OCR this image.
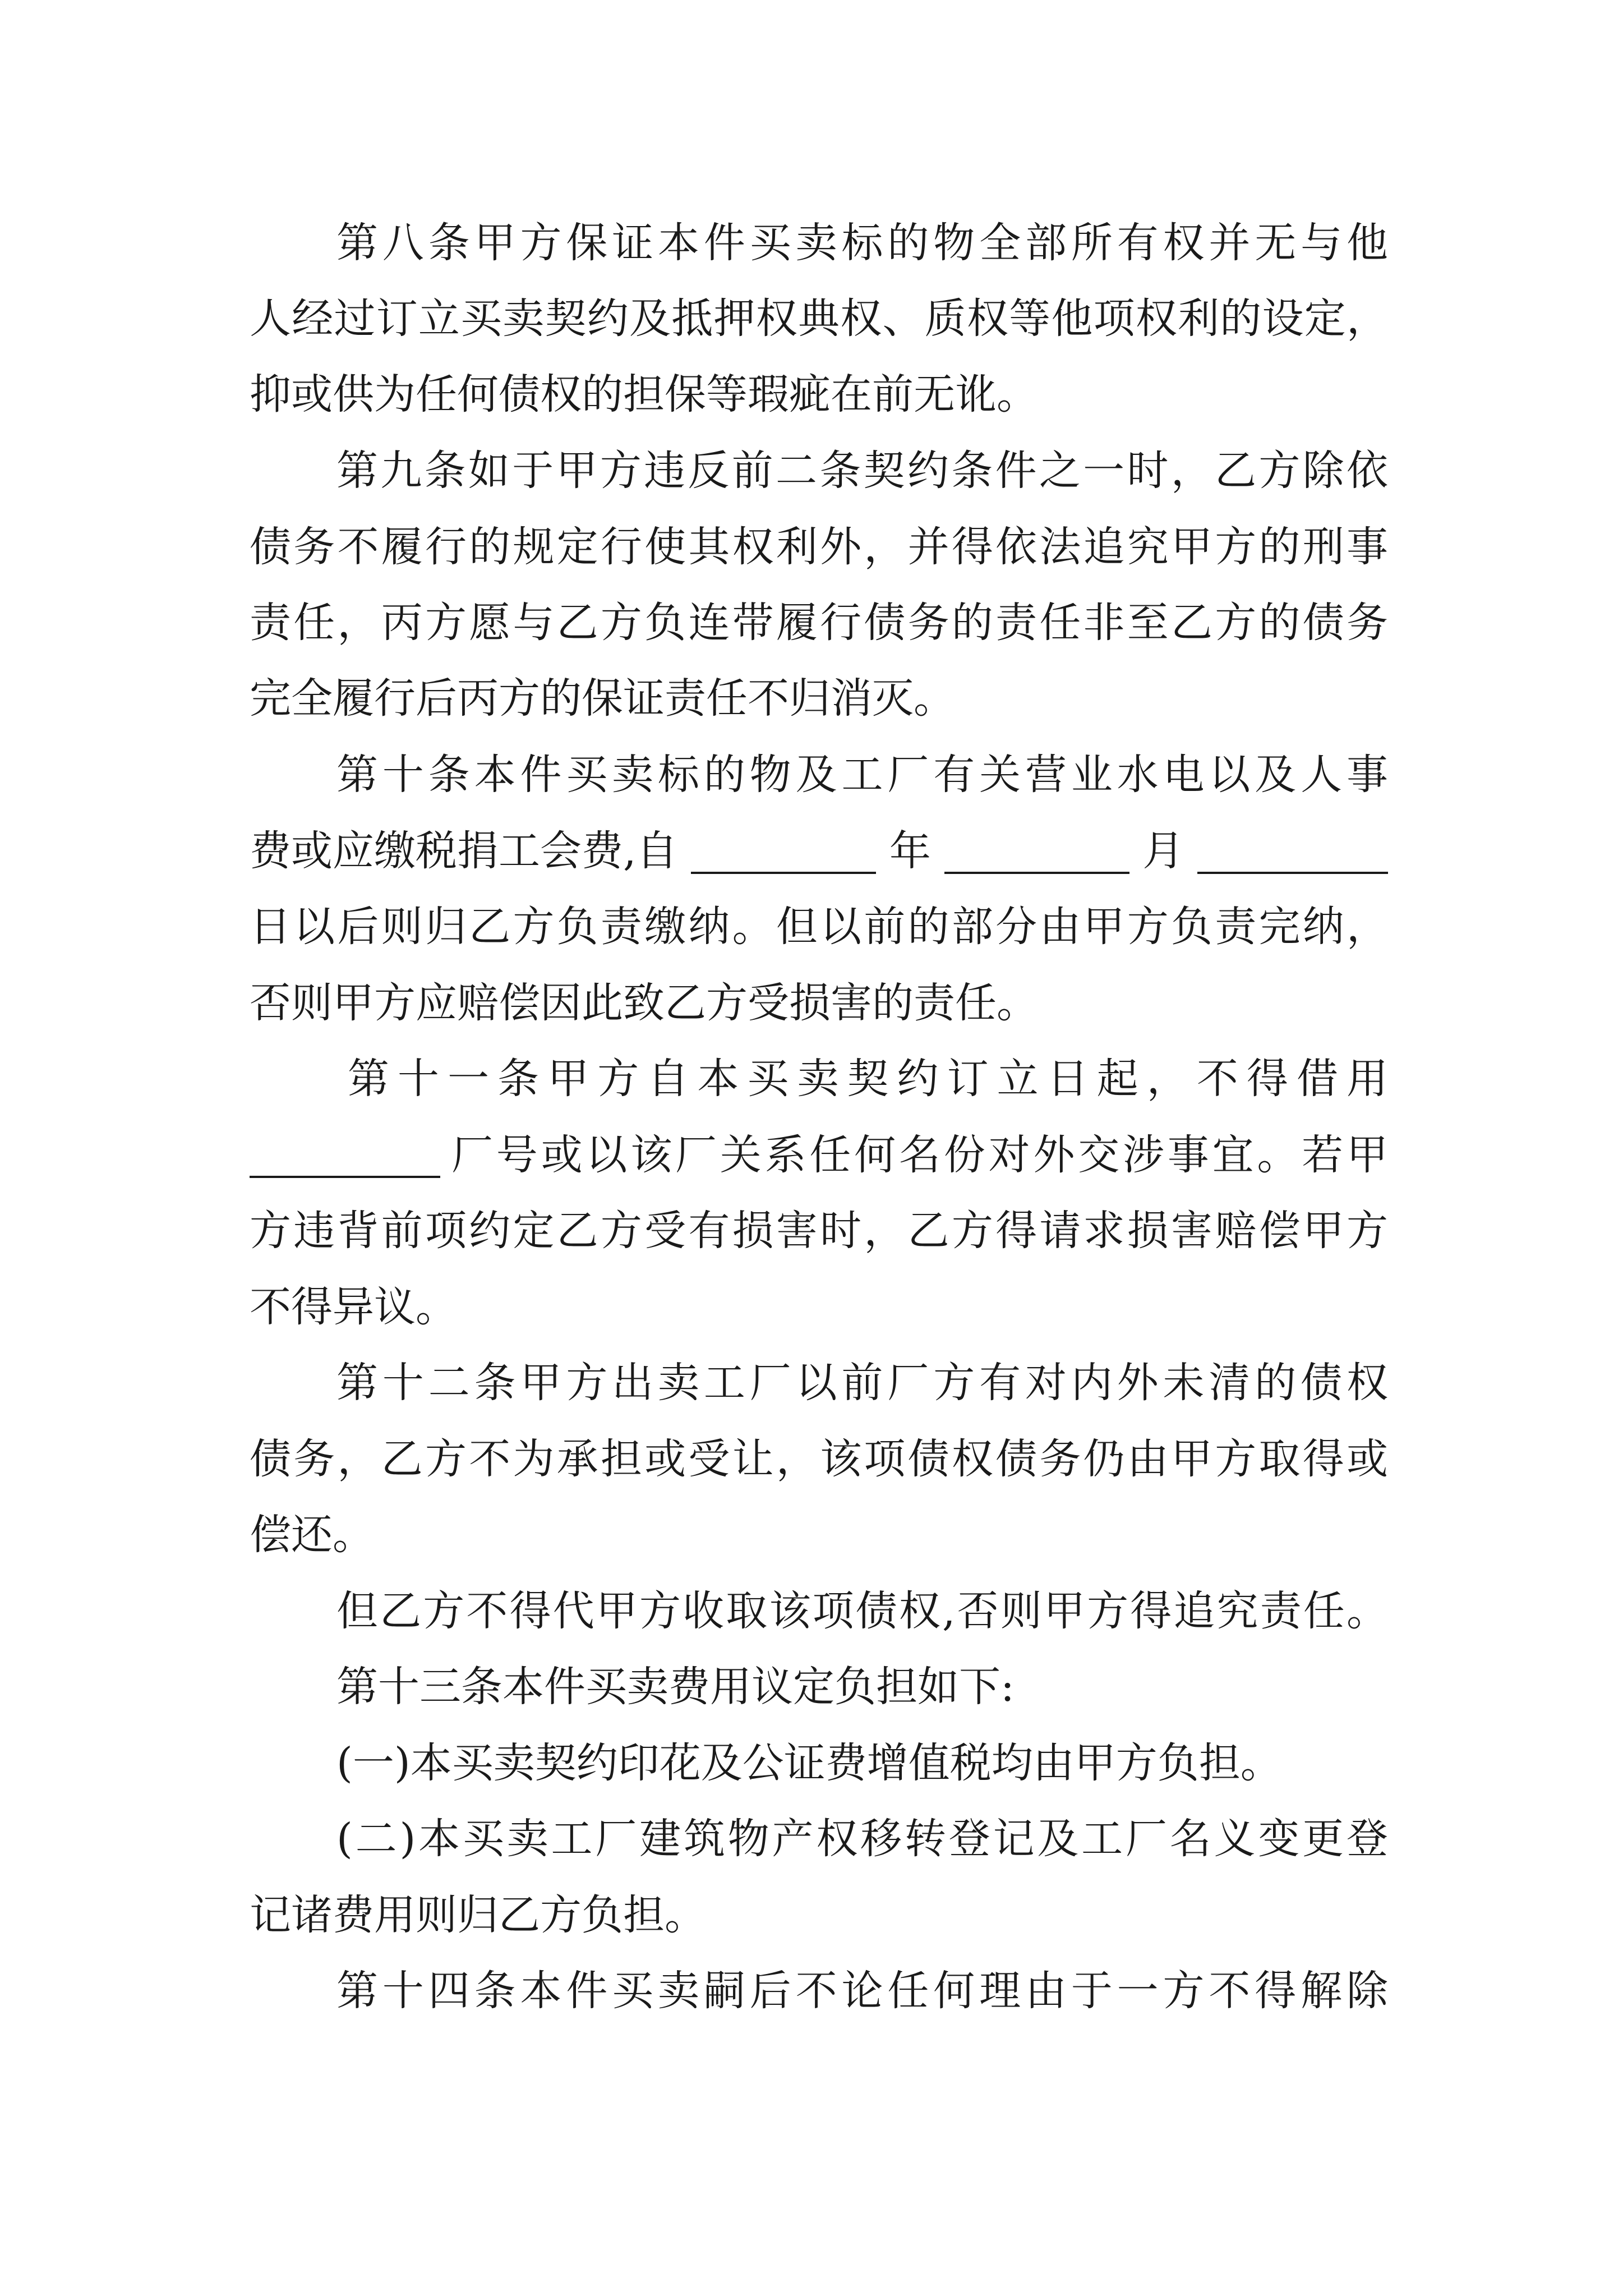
第八条甲方保证本件买卖标的物全部所有权并无与他
人经过订立买卖契约及抵押权典权、质权等他项权利的设定，
抑或供为任何债权的担保等瑕疵在前无讹。
第九条如于甲方违反前二条契约条件之一时，乙方除依
债务不履行的规定行使其权利外，并得依法追究甲方的刑事
责任，丙方愿与乙方负连带履行债务的责任非至乙方的债务
完全履行后丙方的保证责任不归消灭。
第十条本件买卖标的物及工厂有关营业水电以及人事
费或应缴税捐工会费,自	年	月
日以后则归乙方负责缴纳。但以前的部分由甲方负责完纳，
否则甲方应赔偿因此致乙方受损害的责任。
第十一条甲方自本买卖契约订立日起，不得借用
厂号或以该厂关系任何名份对外交涉事宜。若甲
方违背前项约定乙方受有损害时，乙方得请求损害赔偿甲方
不得异议。
第十二条甲方出卖工厂以前厂方有对内外未清的债权
债务，乙方不为承担或受让，该项债权债务仍由甲方取得或
偿还。
但乙方不得代甲方收取该项债权,否则甲方得追究责任。
第十三条本件买卖费用议定负担如下:
(一)本买卖契约印花及公证费增值税均由甲方负担。
(二)本买卖工厂建筑物产权移转登记及工厂名义变更登
记诸费用则归乙方负担。
第十四条本件买卖嗣后不论任何理由于一方不得解除
